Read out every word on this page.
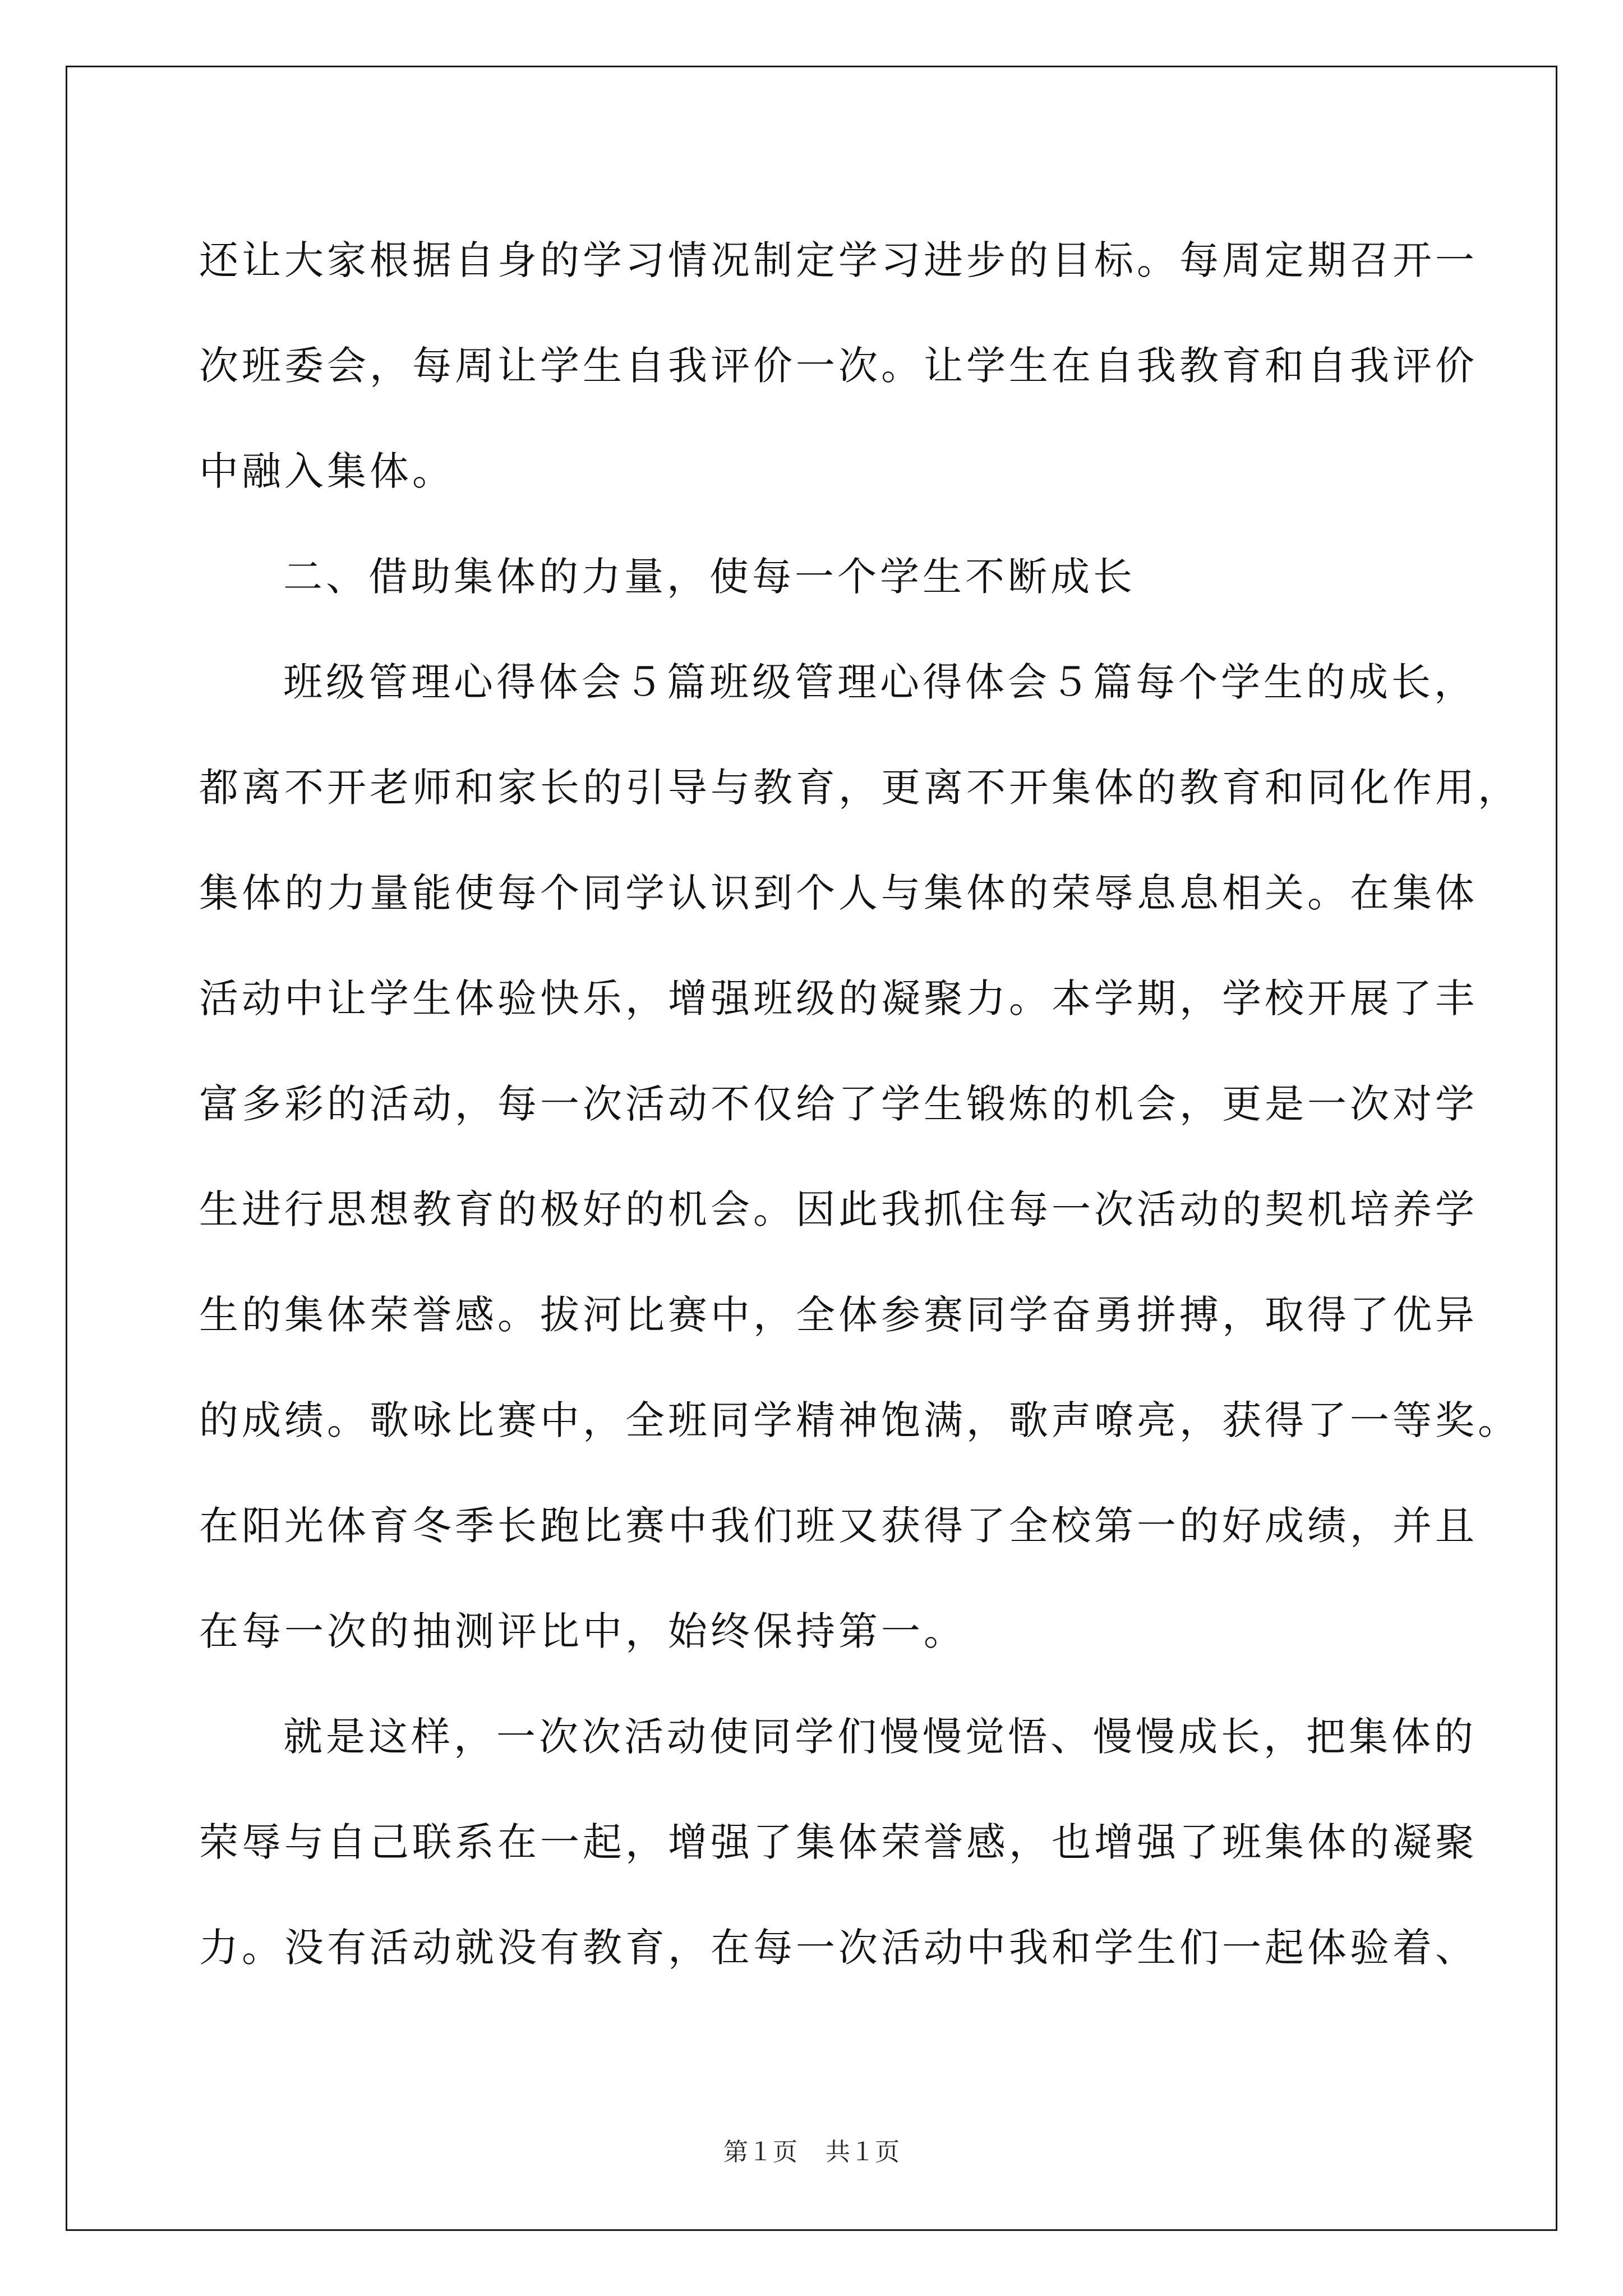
还让大家根据自身的学习情况制定学习进步的目标。每周定期召开一
次班委会，每周让学生自我评价一次。让学生在自我教育和自我评价
中融入集体。
二、借助集体的力量，使每一个学生不断成长
班级管理心得体会５篇班级管理心得体会５篇每个学生的成长，
都离不开老师和家长的引导与教育，更离不开集体的教育和同化作用，
集体的力量能使每个同学认识到个人与集体的荣辱息息相关。在集体
活动中让学生体验快乐，增强班级的凝聚力。本学期，学校开展了丰
富多彩的活动，每一次活动不仅给了学生锻炼的机会，更是一次对学
生进行思想教育的极好的机会。因此我抓住每一次活动的契机培养学
生的集体荣誉感。拔河比赛中，全体参赛同学奋勇拼搏，取得了优异
的成绩。歌咏比赛中，全班同学精神饱满，歌声嘹亮，获得了一等奖。
在阳光体育冬季长跑比赛中我们班又获得了全校第一的好成绩，并且
在每一次的抽测评比中，始终保持第一。
就是这样，一次次活动使同学们慢慢觉悟、慢慢成长，把集体的
荣辱与自己联系在一起，增强了集体荣誉感，也增强了班集体的凝聚
力。没有活动就没有教育，在每一次活动中我和学生们一起体验着、
第１页 共１页
